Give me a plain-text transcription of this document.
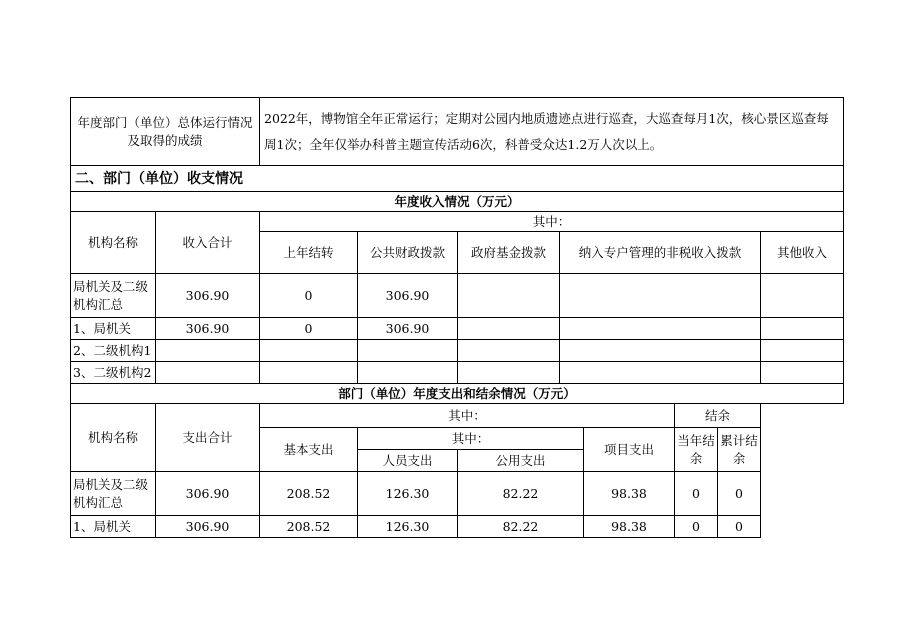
年度部门（单位）总体运行情况及取得的成绩		2022年，博物馆全年正常运行；定期对公园内地质遗迹点进行巡查，大巡查每月1次，核心景区巡查每周1次；全年仅举办科普主题宣传活动6次，科普受众达1.2万人次以上。							
二、部门（单位）收支情况									
年度收入情况（万元）									
机构名称	收入合计	其中：							
		上年结转	公共财政拨款	政府基金拨款	纳入专户管理的非税收入拨款				其他收入

局机关及二级机构汇总	306.90	0	306.90						
1、局机关	306.90	0	306.90						
2、二级机构1									
3、二级机构2									
部门（单位）年度支出和结余情况（万元）									
机构名称	支出合计	其中：					结余		
		基本支出	其中：			项目支出	当年结余	累计结余	
			人员支出	公用支出					
局机关及二级机构汇总	306.90	208.52	126.30	82.22		98.38	0	0	
1、局机关	306.90	208.52	126.30	82.22		98.38	0	0	
